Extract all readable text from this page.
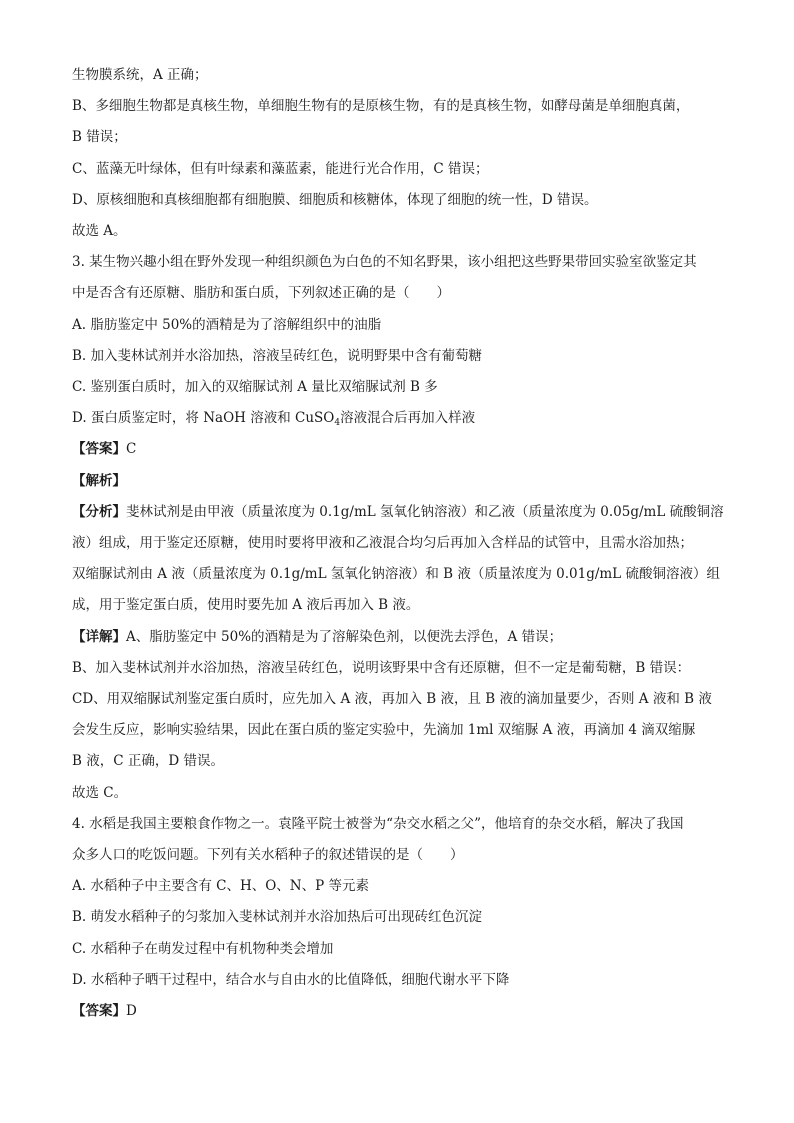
生物膜系统，A 正确；

B、多细胞生物都是真核生物，单细胞生物有的是原核生物，有的是真核生物，如酵母菌是单细胞真菌，

B 错误；

C、蓝藻无叶绿体，但有叶绿素和藻蓝素，能进行光合作用，C 错误；

D、原核细胞和真核细胞都有细胞膜、细胞质和核糖体，体现了细胞的统一性，D 错误。

故选 A。

3. 某生物兴趣小组在野外发现一种组织颜色为白色的不知名野果，该小组把这些野果带回实验室欲鉴定其

中是否含有还原糖、脂肪和蛋白质，下列叙述正确的是（　　）

A. 脂肪鉴定中 50%的酒精是为了溶解组织中的油脂

B. 加入斐林试剂并水浴加热，溶液呈砖红色，说明野果中含有葡萄糖

C. 鉴别蛋白质时，加入的双缩脲试剂 A 量比双缩脲试剂 B 多

D. 蛋白质鉴定时，将 NaOH 溶液和 CuSO$_4$溶液混合后再加入样液

【答案】C

【解析】

【分析】斐林试剂是由甲液（质量浓度为 0.1g/mL 氢氧化钠溶液）和乙液（质量浓度为 0.05g/mL 硫酸铜溶

液）组成，用于鉴定还原糖，使用时要将甲液和乙液混合均匀后再加入含样品的试管中，且需水浴加热；

双缩脲试剂由 A 液（质量浓度为 0.1g/mL 氢氧化钠溶液）和 B 液（质量浓度为 0.01g/mL 硫酸铜溶液）组

成，用于鉴定蛋白质，使用时要先加 A 液后再加入 B 液。

【详解】A、脂肪鉴定中 50%的酒精是为了溶解染色剂，以便洗去浮色，A 错误；

B、加入斐林试剂并水浴加热，溶液呈砖红色，说明该野果中含有还原糖，但不一定是葡萄糖，B 错误：

CD、用双缩脲试剂鉴定蛋白质时，应先加入 A 液，再加入 B 液，且 B 液的滴加量要少，否则 A 液和 B 液

会发生反应，影响实验结果，因此在蛋白质的鉴定实验中，先滴加 1ml 双缩脲 A 液，再滴加 4 滴双缩脲

B 液，C 正确，D 错误。

故选 C。

4. 水稻是我国主要粮食作物之一。袁隆平院士被誉为“杂交水稻之父”，他培育的杂交水稻，解决了我国

众多人口的吃饭问题。下列有关水稻种子的叙述错误的是（　　）

A. 水稻种子中主要含有 C、H、O、N、P 等元素

B. 萌发水稻种子的匀浆加入斐林试剂并水浴加热后可出现砖红色沉淀

C. 水稻种子在萌发过程中有机物种类会增加

D. 水稻种子晒干过程中，结合水与自由水的比值降低，细胞代谢水平下降

【答案】D
